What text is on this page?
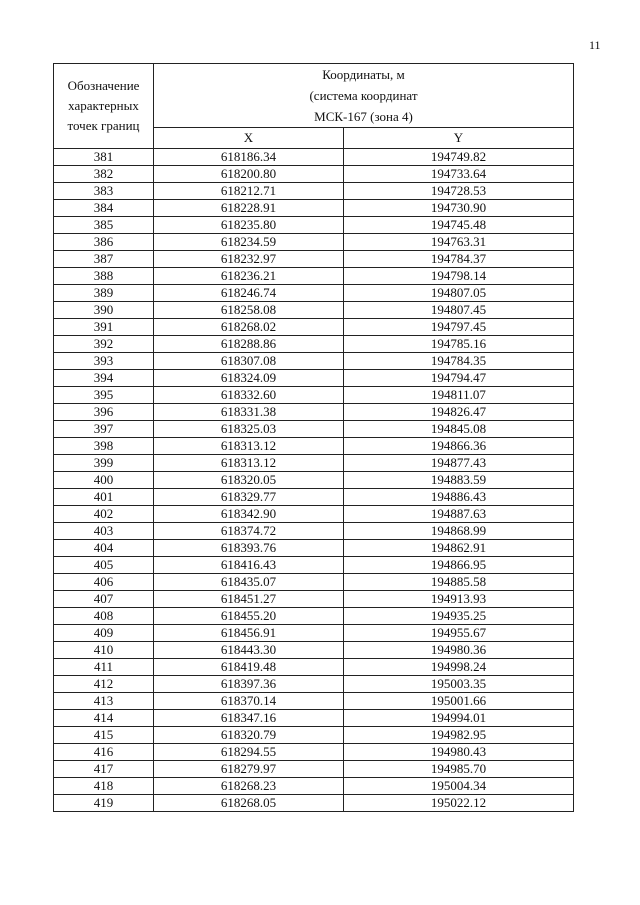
11
Обозначение
характерных
точек границ	Координаты, м
(система координат
МСК-167 (зона 4)	

	X	Y
381	618186.34	194749.82
382	618200.80	194733.64
383	618212.71	194728.53
384	618228.91	194730.90
385	618235.80	194745.48
386	618234.59	194763.31
387	618232.97	194784.37
388	618236.21	194798.14
389	618246.74	194807.05
390	618258.08	194807.45
391	618268.02	194797.45
392	618288.86	194785.16
393	618307.08	194784.35
394	618324.09	194794.47
395	618332.60	194811.07
396	618331.38	194826.47
397	618325.03	194845.08
398	618313.12	194866.36
399	618313.12	194877.43
400	618320.05	194883.59
401	618329.77	194886.43
402	618342.90	194887.63
403	618374.72	194868.99
404	618393.76	194862.91
405	618416.43	194866.95
406	618435.07	194885.58
407	618451.27	194913.93
408	618455.20	194935.25
409	618456.91	194955.67
410	618443.30	194980.36
411	618419.48	194998.24
412	618397.36	195003.35
413	618370.14	195001.66
414	618347.16	194994.01
415	618320.79	194982.95
416	618294.55	194980.43
417	618279.97	194985.70
418	618268.23	195004.34
419	618268.05	195022.12
